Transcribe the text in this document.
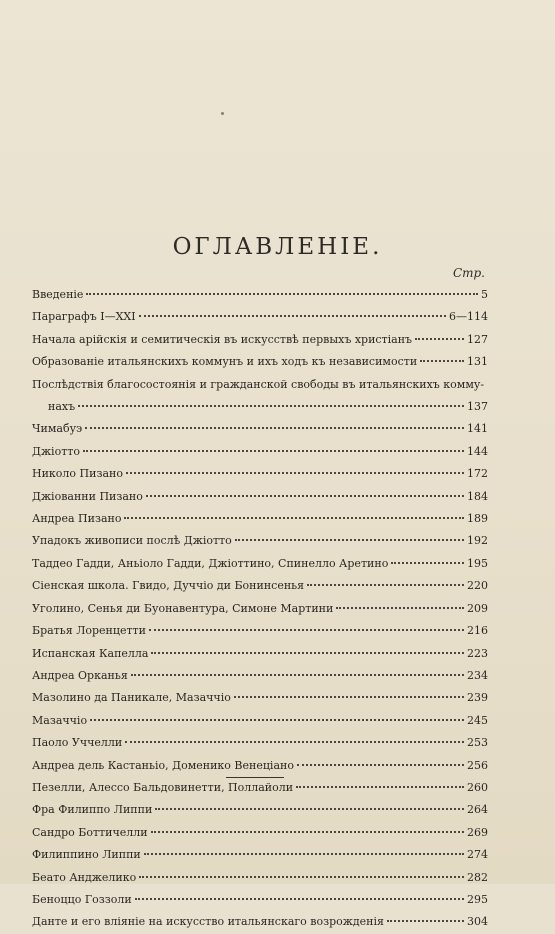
ОГЛАВЛЕНІЕ.
Стр.
Введеніе	5
Параграфъ I—XXI	6—114
Начала арійскія и семитическія въ искусствѣ первыхъ христіанъ	127
Образованіе итальянскихъ коммунъ и ихъ ходъ къ независимости	131
Послѣдствія благосостоянія и гражданской свободы въ итальянскихъ комму-
нахъ	137
Чимабуэ	141
Джіотто	144
Николо Пизано	172
Джіованни Пизано	184
Андреа Пизано	189
Упадокъ живописи послѣ Джіотто	192
Таддео Гадди, Аньіоло Гадди, Джіоттино, Спинелло Аретино	195
Сіенская школа. Гвидо, Дуччіо ди Бонинсенья	220
Уголино, Сенья ди Буонавентура, Симоне Мартини	209
Братья Лоренцетти	216
Испанская Капелла	223
Андреа Орканья	234
Мазолино да Паникале, Мазаччіо	239
Мазаччіо	245
Паоло Уччелли	253
Андреа дель Кастаньіо, Доменико Венеціано	256
Пезелли, Алессо Бальдовинетти, Поллайоли	260
Фра Филиппо Липпи	264
Сандро Боттичелли	269
Филиппино Липпи	274
Беато Анджелико	282
Беноццо Гоззоли	295
Данте и его вліяніе на искусство итальянскаго возрожденія	304
